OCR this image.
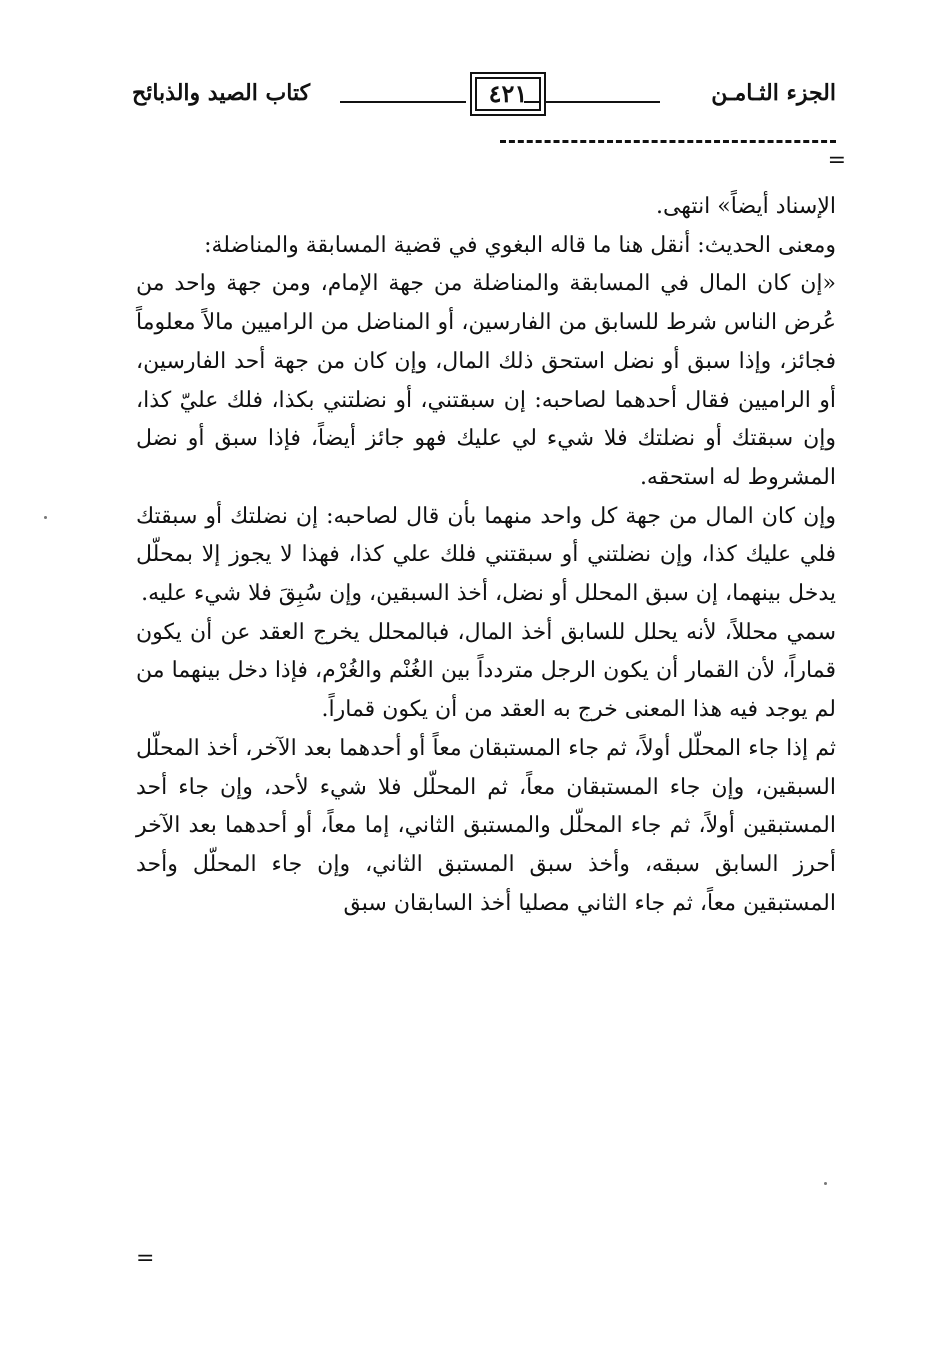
الجزء الثـامـن
٤٢١
كتاب الصيد والذبائح
=

الإسناد أيضاً» انتهى.

ومعنى الحديث: أنقل هنا ما قاله البغوي في قضية المسابقة والمناضلة:

«إن كان المال في المسابقة والمناضلة من جهة الإمام، ومن جهة واحد من عُرض الناس شرط للسابق من الفارسين، أو المناضل من الراميين مالاً معلوماً فجائز، وإذا سبق أو نضل استحق ذلك المال، وإن كان من جهة أحد الفارسين، أو الراميين فقال أحدهما لصاحبه: إن سبقتني، أو نضلتني بكذا، فلك عليّ كذا، وإن سبقتك أو نضلتك فلا شيء لي عليك فهو جائز أيضاً، فإذا سبق أو نضل المشروط له استحقه.

وإن كان المال من جهة كل واحد منهما بأن قال لصاحبه: إن نضلتك أو سبقتك فلي عليك كذا، وإن نضلتني أو سبقتني فلك علي كذا، فهذا لا يجوز إلا بمحلّل يدخل بينهما، إن سبق المحلل أو نضل، أخذ السبقين، وإن سُبِقَ فلا شيء عليه.

سمي محللاً، لأنه يحلل للسابق أخذ المال، فبالمحلل يخرج العقد عن أن يكون قماراً، لأن القمار أن يكون الرجل متردداً بين الغُنْم والغُرْم، فإذا دخل بينهما من لم يوجد فيه هذا المعنى خرج به العقد من أن يكون قماراً.

ثم إذا جاء المحلّل أولاً، ثم جاء المستبقان معاً أو أحدهما بعد الآخر، أخذ المحلّل السبقين، وإن جاء المستبقان معاً، ثم المحلّل فلا شيء لأحد، وإن جاء أحد المستبقين أولاً، ثم جاء المحلّل والمستبق الثاني، إما معاً، أو أحدهما بعد الآخر أحرز السابق سبقه، وأخذ سبق المستبق الثاني، وإن جاء المحلّل وأحد المستبقين معاً، ثم جاء الثاني مصليا أخذ السابقان سبق

=
